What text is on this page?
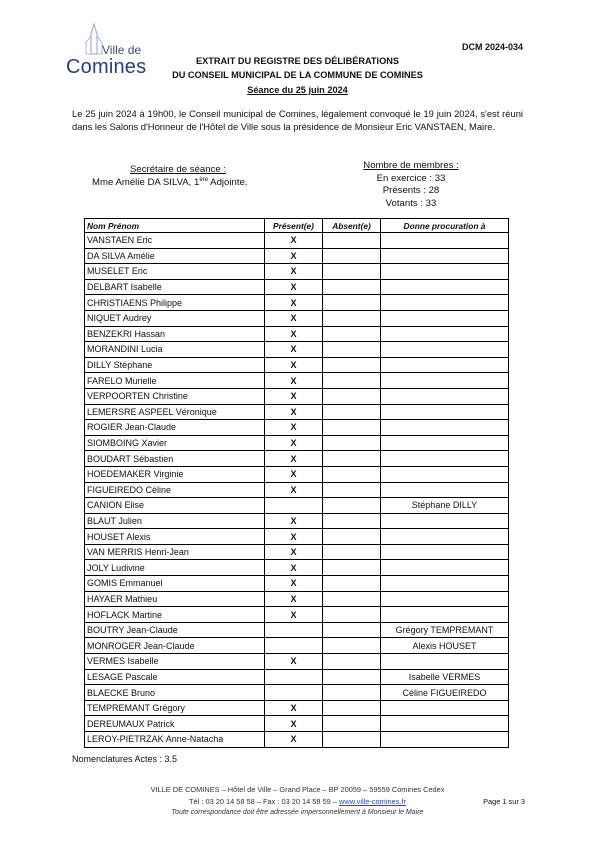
Ville de
Comines
DCM 2024-034
EXTRAIT DU REGISTRE DES DÉLIBÉRATIONS
DU CONSEIL MUNICIPAL DE LA COMMUNE DE COMINES
Séance du 25 juin 2024

Le 25 juin 2024 à 19h00, le Conseil municipal de Comines, légalement convoqué le 19 juin 2024, s'est réuni dans les Salons d'Honneur de l'Hôtel de Ville sous la présidence de Monsieur Eric VANSTAEN, Maire.

Secrétaire de séance :
Mme Amélie DA SILVA, 1ère Adjointe.
Nombre de membres :
En exercice : 33
Présents : 28
Votants : 33
Nom Prénom	Présent(e)	Absent(e)	Donne procuration à
VANSTAEN Eric	X		
DA SILVA Amélie	X		
MUSELET Eric	X		
DELBART Isabelle	X		
CHRISTIAENS Philippe	X		
NIQUET Audrey	X		
BENZEKRI Hassan	X		
MORANDINI Lucia	X		
DILLY Stéphane	X		
FARELO Murielle	X		
VERPOORTEN Christine	X		
LEMERSRE ASPEEL Véronique	X		
ROGIER Jean-Claude	X		
SIOMBOING Xavier	X		
BOUDART Sébastien	X		
HOEDEMAKER Virginie	X		
FIGUEIREDO Céline	X		
CANION Elise			Stéphane DILLY
BLAUT Julien	X		
HOUSET Alexis	X		
VAN MERRIS Henri-Jean	X		
JOLY Ludivine	X		
GOMIS Emmanuel	X		
HAYAER Mathieu	X		
HOFLACK Martine	X		
BOUTRY Jean-Claude			Grégory TEMPREMANT
MONROGER Jean-Claude			Alexis HOUSET
VERMES Isabelle	X		
LESAGE Pascale			Isabelle VERMES
BLAECKE Bruno			Céline FIGUEIREDO
TEMPREMANT Grégory	X		
DEREUMAUX Patrick	X		
LEROY-PIETRZAK Anne-Natacha	X		
Nomenclatures Actes : 3.5
VILLE DE COMINES – Hôtel de Ville – Grand Place – BP 20059 – 59559 Comines Cedex
Tél : 03 20 14 58 58 – Fax : 03 20 14 58 59 – www.ville-comines.fr
Toute correspondance doit être adressée impersonnellement à Monsieur le Maire
Page 1 sur 3
